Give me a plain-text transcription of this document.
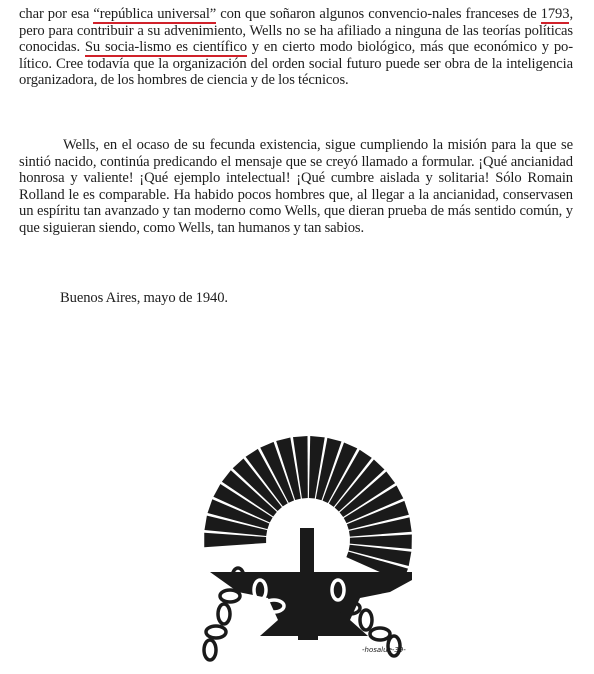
char por esa “república universal” con que soñaron algunos convencio-nales franceses de 1793, pero para contribuir a su advenimiento, Wells no se ha afiliado a ninguna de las teorías políticas conocidas. Su socia-lismo es científico y en cierto modo biológico, más que económico y po-lítico. Cree todavía que la organización del orden social futuro puede ser obra de la inteligencia organizadora, de los hombres de ciencia y de los técnicos.

Wells, en el ocaso de su fecunda existencia, sigue cumpliendo la misión para la que se sintió nacido, continúa predicando el mensaje que se creyó llamado a formular. ¡Qué ancianidad honrosa y valiente! ¡Qué ejemplo intelectual! ¡Qué cumbre aislada y solitaria! Sólo Romain Rolland le es comparable. Ha habido pocos hombres que, al llegar a la ancianidad, conservasen un espíritu tan avanzado y tan moderno como Wells, que dieran prueba de más sentido común, y que siguieran siendo, como Wells, tan humanos y tan sabios.

Buenos Aires, mayo de 1940.

-hosalue-39-
